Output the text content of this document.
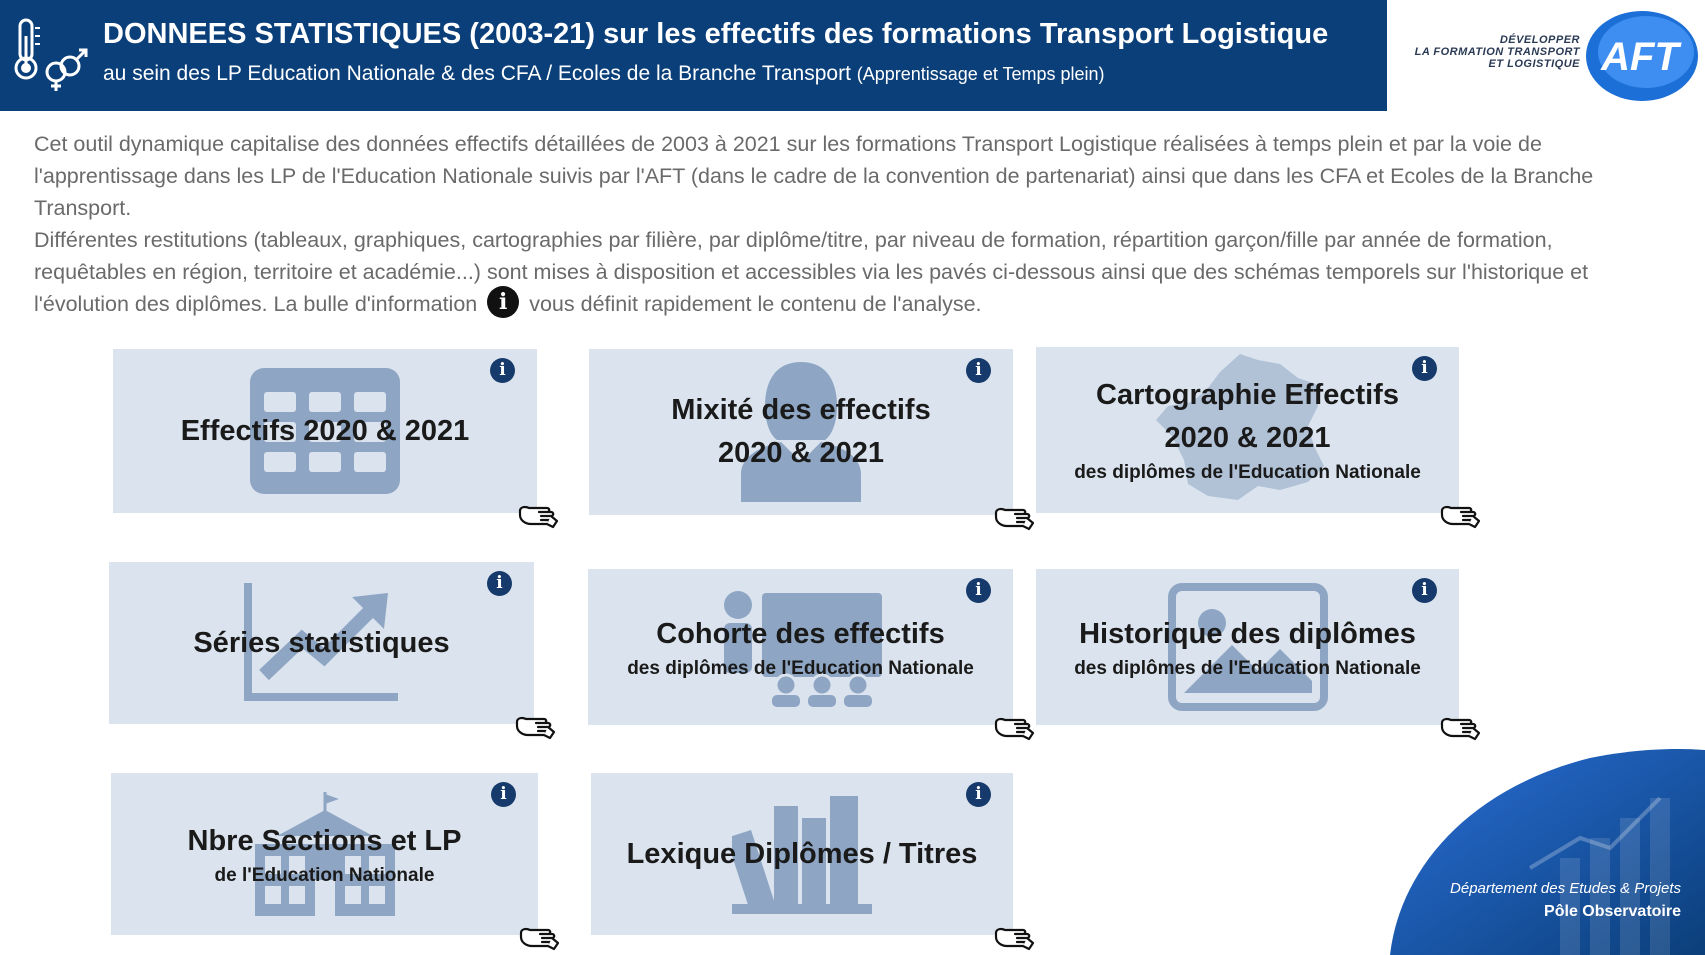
DONNEES STATISTIQUES (2003-21) sur les effectifs des formations Transport Logistique
au sein des LP Education Nationale & des CFA / Ecoles de la Branche Transport (Apprentissage et Temps plein)
DÉVELOPPER
LA FORMATION TRANSPORT
ET LOGISTIQUE AFT

Cet outil dynamique capitalise des données effectifs détaillées de 2003 à 2021 sur les formations Transport Logistique réalisées à temps plein et par la voie de l'apprentissage dans les LP de l'Education Nationale suivis par l'AFT (dans le cadre de la convention de partenariat) ainsi que dans les CFA et Ecoles de la Branche Transport.

Différentes restitutions (tableaux, graphiques, cartographies par filière, par diplôme/titre, par niveau de formation, répartition garçon/fille par année de formation, requêtables en région, territoire et académie...) sont mises à disposition et accessibles via les pavés ci-dessous ainsi que des schémas temporels sur l'historique et l'évolution des diplômes. La bulle d'information i vous définit rapidement le contenu de l'analyse.

Effectifs 2020 & 2021
i
Mixité des effectifs
2020 & 2021
i
Cartographie Effectifs
2020 & 2021
des diplômes de l'Education Nationale
i
Séries statistiques
i
Cohorte des effectifs
des diplômes de l'Education Nationale
i
Historique des diplômes
des diplômes de l'Education Nationale
i
Nbre Sections et LP
de l'Education Nationale
i
Lexique Diplômes / Titres
i
Département des Etudes & Projets
Pôle Observatoire
